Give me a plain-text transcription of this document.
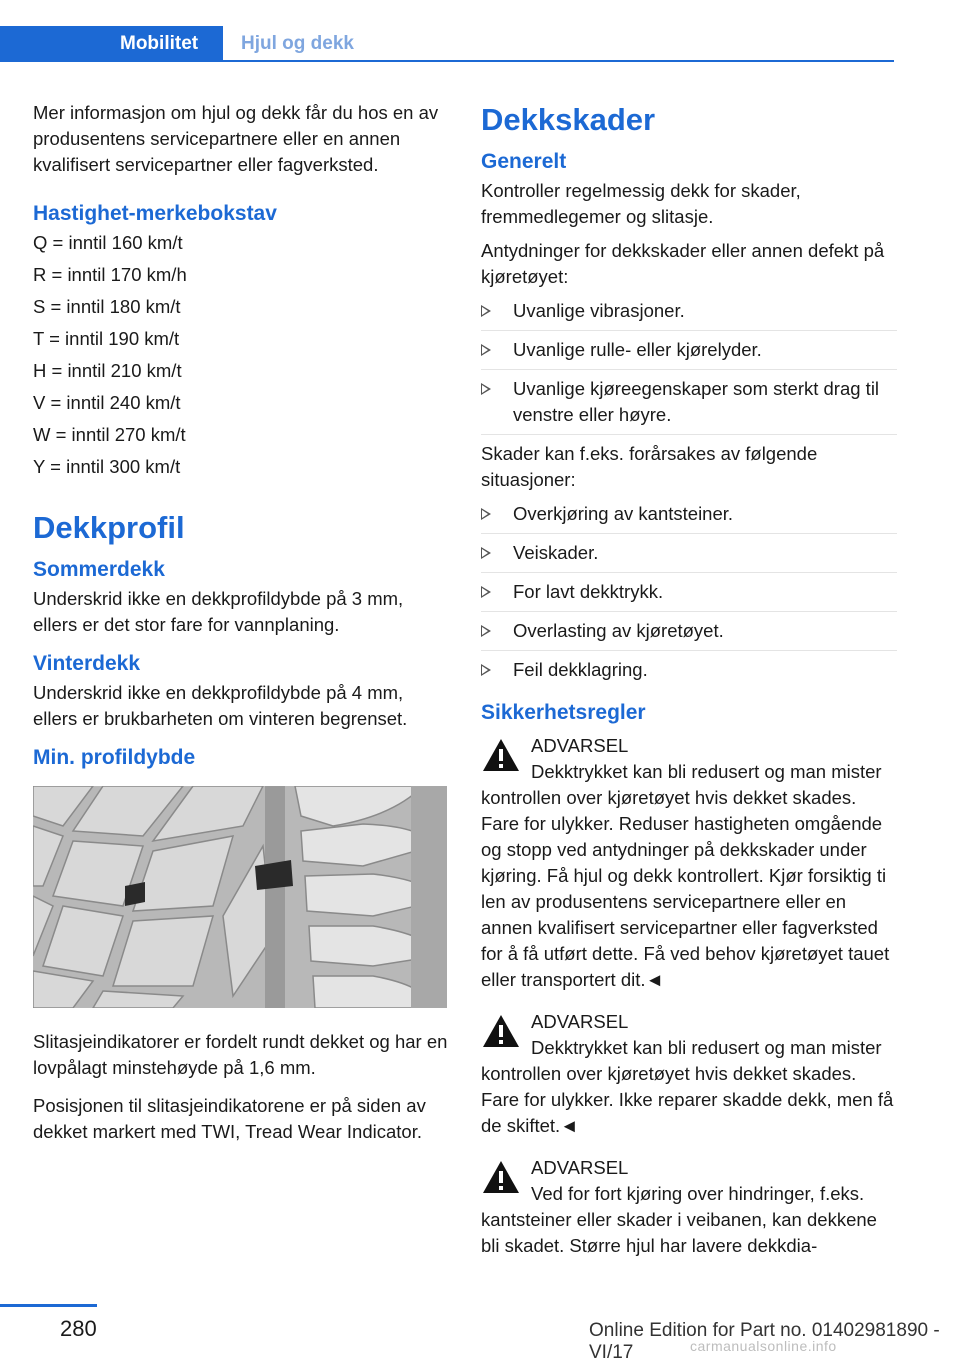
Mobilitet	Hjul og dekk

Mer informasjon om hjul og dekk får du hos en av produsentens servicepartnere eller en annen kvalifisert servicepartner eller fagverksted.

Hastighet-merkebokstav
Q = inntil 160 km/t
R = inntil 170 km/h
S = inntil 180 km/t
T = inntil 190 km/t
H = inntil 210 km/t
V = inntil 240 km/t
W = inntil 270 km/t
Y = inntil 300 km/t
Dekkprofil
Sommerdekk

Underskrid ikke en dekkprofildybde på 3 mm, ellers er det stor fare for vannplaning.

Vinterdekk

Underskrid ikke en dekkprofildybde på 4 mm, ellers er brukbarheten om vinteren begrenset.

Min. profildybde

Slitasjeindikatorer er fordelt rundt dekket og har en lovpålagt minstehøyde på 1,6 mm.

Posisjonen til slitasjeindikatorene er på siden av dekket markert med TWI, Tread Wear Indicator.

Dekkskader
Generelt

Kontroller regelmessig dekk for skader, fremmedlegemer og slitasje.

Antydninger for dekkskader eller annen defekt på kjøretøyet:

Uvanlige vibrasjoner.
Uvanlige rulle- eller kjørelyder.
Uvanlige kjøreegenskaper som sterkt drag til venstre eller høyre.

Skader kan f.eks. forårsakes av følgende situasjoner:

Overkjøring av kantsteiner.
Veiskader.
For lavt dekktrykk.
Overlasting av kjøretøyet.
Feil dekklagring.
Sikkerhetsregler
ADVARSEL
Dekktrykket kan bli redusert og man mister kontrollen over kjøretøyet hvis dekket skades. Fare for ulykker. Reduser hastigheten omgående og stopp ved antydninger på dekkskader under kjøring. Få hjul og dekk kontrollert. Kjør forsiktig ti len av produsentens servicepartnere eller en annen kvalifisert servicepartner eller fagverksted for å få utført dette. Få ved behov kjøretøyet tauet eller transportert dit.◄
ADVARSEL
Dekktrykket kan bli redusert og man mister kontrollen over kjøretøyet hvis dekket skades. Fare for ulykker. Ikke reparer skadde dekk, men få de skiftet.◄
ADVARSEL
Ved for fort kjøring over hindringer, f.eks. kantsteiner eller skader i veibanen, kan dekkene bli skadet. Større hjul har lavere dekkdia-
280	Online Edition for Part no. 01402981890 - VI/17	carmanualsonline.info
